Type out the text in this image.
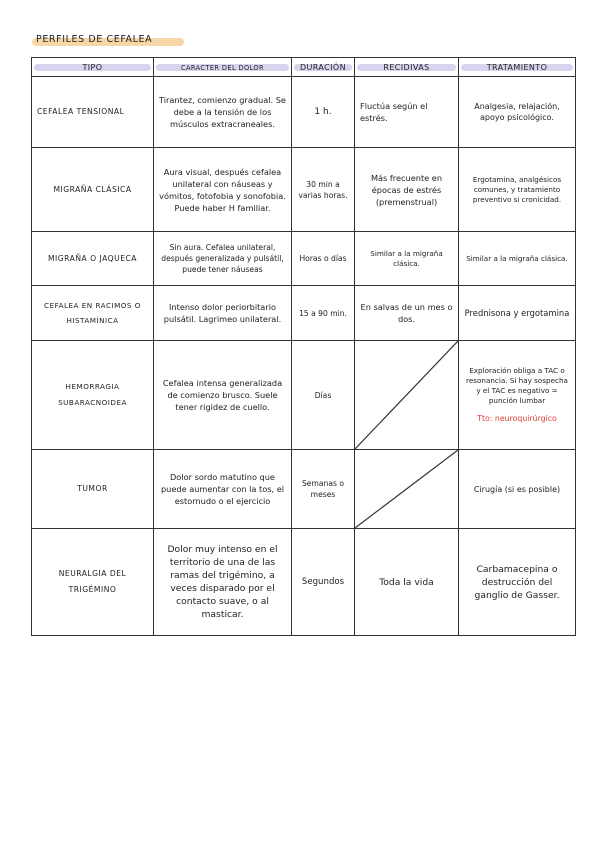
PERFILES DE CEFALEA
TIPO	CARACTER DEL DOLOR	DURACIÓN	RECIDIVAS	TRATAMIENTO
CEFALEA TENSIONAL	Tirantez, comienzo gradual. Se debe a la tensión de los músculos extracraneales.	1 h.	Fluctúa según el estrés.	Analgesia, relajación, apoyo psicológico.
MIGRAÑA CLÁSICA	Aura visual, después cefalea unilateral con náuseas y vómitos, fotofobia y sonofobia. Puede haber H familiar.	30 min a varias horas.	Más frecuente en épocas de estrés (premenstrual)	Ergotamina, analgésicos comunes, y tratamiento preventivo si cronicidad.
MIGRAÑA O JAQUECA	Sin aura. Cefalea unilateral, después generalizada y pulsátil, puede tener náuseas	Horas o días	Similar a la migraña clásica.	Similar a la migraña clásica.
CEFALEA EN RACIMOS O HISTAMÍNICA	Intenso dolor periorbitario pulsátil. Lagrimeo unilateral.	15 a 90 min.	En salvas de un mes o dos.	Prednisona y ergotamina
HEMORRAGIA SUBARACNOIDEA	Cefalea intensa generalizada de comienzo brusco. Suele tener rigidez de cuello.	Días		Exploración obliga a TAC o resonancia. Si hay sospecha y el TAC es negativo = punción lumbar
Tto: neuroquirúrgico

TUMOR	Dolor sordo matutino que puede aumentar con la tos, el estornudo o el ejercicio	Semanas o meses		Cirugía (si es posible)
NEURALGIA DEL TRIGÉMINO	Dolor muy intenso en el territorio de una de las ramas del trigémino, a veces disparado por el contacto suave, o al masticar.	Segundos	Toda la vida	Carbamacepina o destrucción del ganglio de Gasser.
